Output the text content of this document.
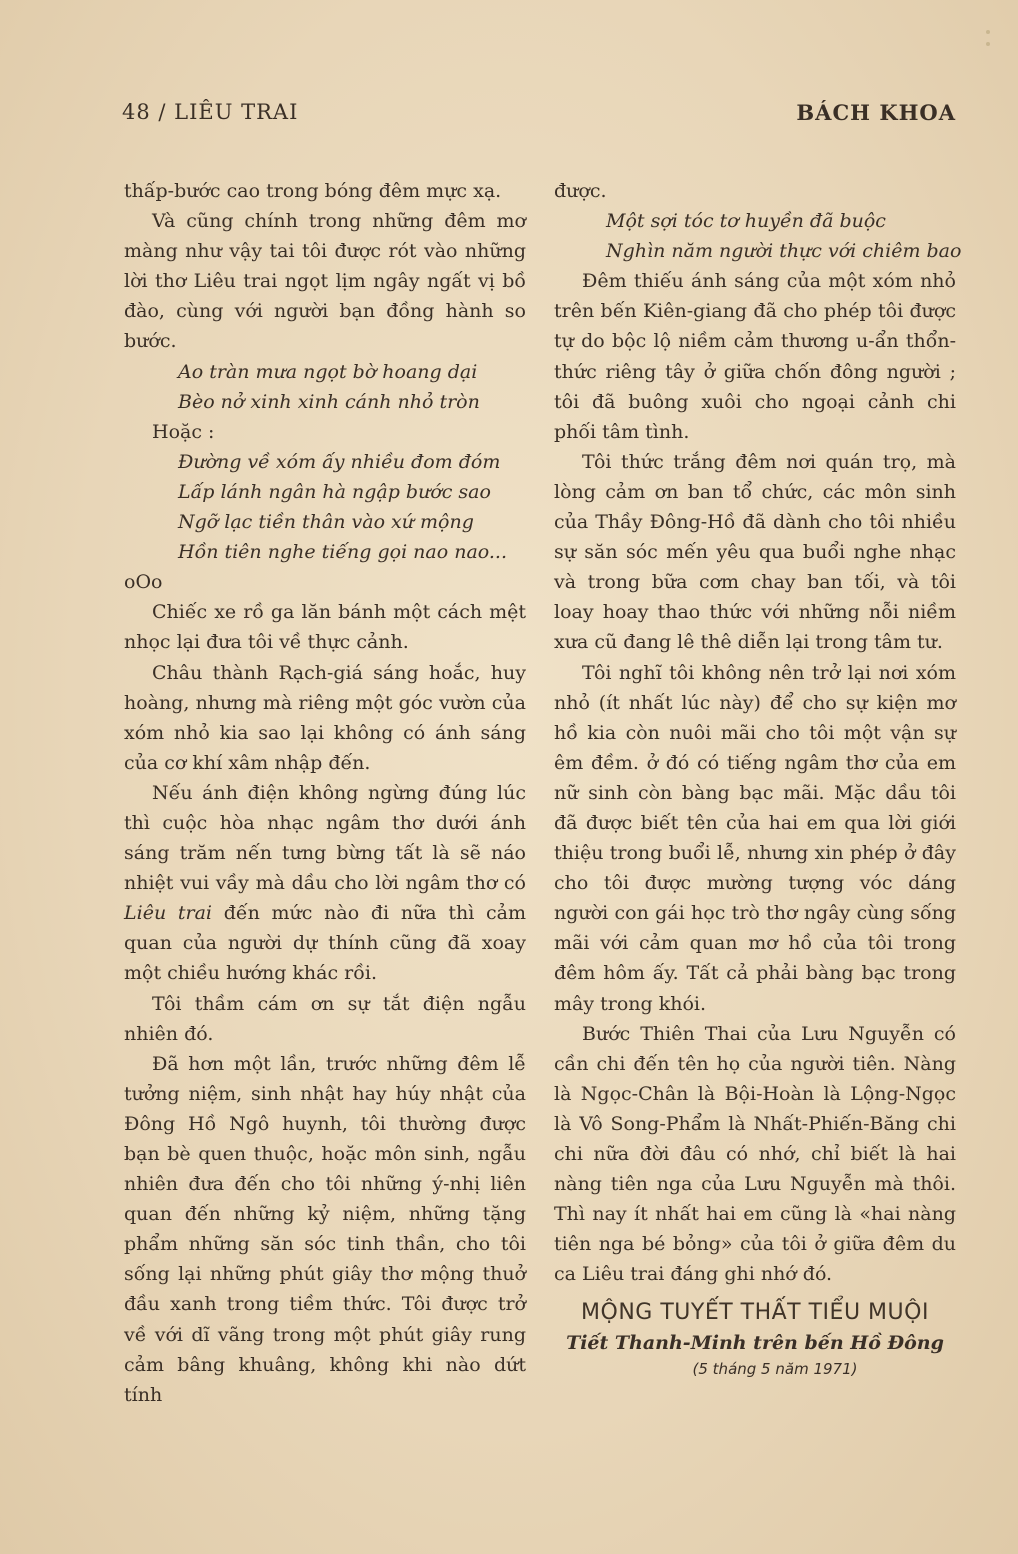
48 / LIÊU TRAI	BÁCH KHOA

thấp-bước cao trong bóng đêm mực xạ.

Và cũng chính trong những đêm mơ màng như vậy tai tôi được rót vào những lời thơ Liêu trai ngọt lịm ngây ngất vị bồ đào, cùng với người bạn đồng hành so bước.

Ao tràn mưa ngọt bờ hoang dại
Bèo nở xinh xinh cánh nhỏ tròn

Hoặc :

Đường về xóm ấy nhiều đom đóm
Lấp lánh ngân hà ngập bước sao
Ngỡ lạc tiền thân vào xứ mộng
Hồn tiên nghe tiếng gọi nao nao...

oOo

Chiếc xe rồ ga lăn bánh một cách mệt nhọc lại đưa tôi về thực cảnh.

Châu thành Rạch-giá sáng hoắc, huy hoàng, nhưng mà riêng một góc vườn của xóm nhỏ kia sao lại không có ánh sáng của cơ khí xâm nhập đến.

Nếu ánh điện không ngừng đúng lúc thì cuộc hòa nhạc ngâm thơ dưới ánh sáng trăm nến tưng bừng tất là sẽ náo nhiệt vui vầy mà dầu cho lời ngâm thơ có Liêu trai đến mức nào đi nữa thì cảm quan của người dự thính cũng đã xoay một chiều hướng khác rồi.

Tôi thầm cám ơn sự tắt điện ngẫu nhiên đó.

Đã hơn một lần, trước những đêm lễ tưởng niệm, sinh nhật hay húy nhật của Đông Hồ Ngô huynh, tôi thường được bạn bè quen thuộc, hoặc môn sinh, ngẫu nhiên đưa đến cho tôi những ý-nhị liên quan đến những kỷ niệm, những tặng phẩm những săn sóc tinh thần, cho tôi sống lại những phút giây thơ mộng thuở đầu xanh trong tiềm thức. Tôi được trở về với dĩ vãng trong một phút giây rung cảm bâng khuâng, không khi nào dứt tính

được.

Một sợi tóc tơ huyền đã buộc
Nghìn năm người thực với chiêm bao

Đêm thiếu ánh sáng của một xóm nhỏ trên bến Kiên-giang đã cho phép tôi được tự do bộc lộ niềm cảm thương u-ẩn thổn-thức riêng tây ở giữa chốn đông người ; tôi đã buông xuôi cho ngoại cảnh chi phối tâm tình.

Tôi thức trắng đêm nơi quán trọ, mà lòng cảm ơn ban tổ chức, các môn sinh của Thầy Đông-Hồ đã dành cho tôi nhiều sự săn sóc mến yêu qua buổi nghe nhạc và trong bữa cơm chay ban tối, và tôi loay hoay thao thức với những nỗi niềm xưa cũ đang lê thê diễn lại trong tâm tư.

Tôi nghĩ tôi không nên trở lại nơi xóm nhỏ (ít nhất lúc này) để cho sự kiện mơ hồ kia còn nuôi mãi cho tôi một vận sự êm đềm. ở đó có tiếng ngâm thơ của em nữ sinh còn bàng bạc mãi. Mặc dầu tôi đã được biết tên của hai em qua lời giới thiệu trong buổi lễ, nhưng xin phép ở đây cho tôi được mường tượng vóc dáng người con gái học trò thơ ngây cùng sống mãi với cảm quan mơ hồ của tôi trong đêm hôm ấy. Tất cả phải bàng bạc trong mây trong khói.

Bước Thiên Thai của Lưu Nguyễn có cần chi đến tên họ của người tiên. Nàng là Ngọc-Chân là Bội-Hoàn là Lộng-Ngọc là Vô Song-Phẩm là Nhất-Phiến-Băng chi chi nữa đời đâu có nhớ, chỉ biết là hai nàng tiên nga của Lưu Nguyễn mà thôi. Thì nay ít nhất hai em cũng là «hai nàng tiên nga bé bỏng» của tôi ở giữa đêm du ca Liêu trai đáng ghi nhớ đó.

MỘNG TUYẾT THẤT TIỂU MUỘI
Tiết Thanh-Minh trên bến Hồ Đông
(5 tháng 5 năm 1971)
